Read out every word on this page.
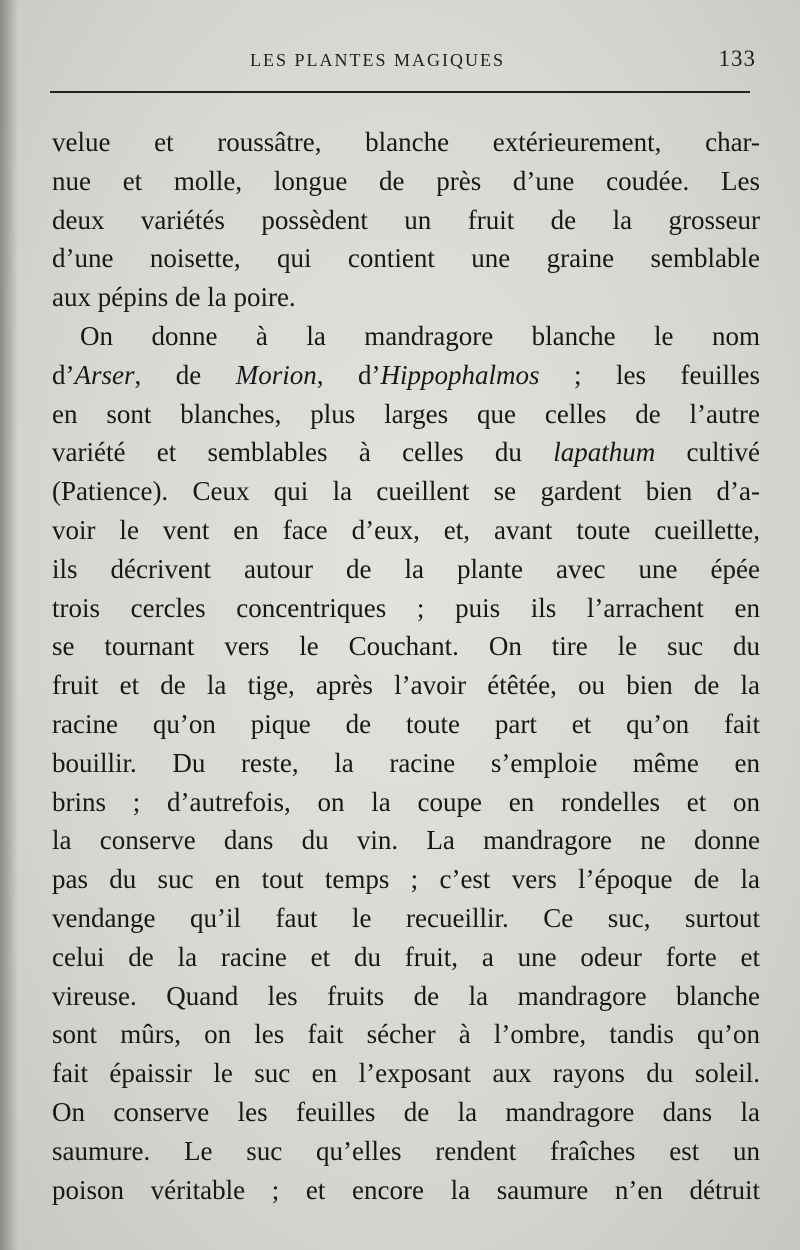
LES PLANTES MAGIQUES	133
velue et roussâtre, blanche extérieurement, char-
nue et molle, longue de près d’une coudée. Les
deux variétés possèdent un fruit de la grosseur
d’une noisette, qui contient une graine semblable
aux pépins de la poire.
On donne à la mandragore blanche le nom
d’Arser, de Morion, d’Hippophalmos ; les feuilles
en sont blanches, plus larges que celles de l’autre
variété et semblables à celles du lapathum cultivé
(Patience). Ceux qui la cueillent se gardent bien d’a-
voir le vent en face d’eux, et, avant toute cueillette,
ils décrivent autour de la plante avec une épée
trois cercles concentriques ; puis ils l’arrachent en
se tournant vers le Couchant. On tire le suc du
fruit et de la tige, après l’avoir étêtée, ou bien de la
racine qu’on pique de toute part et qu’on fait
bouillir. Du reste, la racine s’emploie même en
brins ; d’autrefois, on la coupe en rondelles et on
la conserve dans du vin. La mandragore ne donne
pas du suc en tout temps ; c’est vers l’époque de la
vendange qu’il faut le recueillir. Ce suc, surtout
celui de la racine et du fruit, a une odeur forte et
vireuse. Quand les fruits de la mandragore blanche
sont mûrs, on les fait sécher à l’ombre, tandis qu’on
fait épaissir le suc en l’exposant aux rayons du soleil.
On conserve les feuilles de la mandragore dans la
saumure. Le suc qu’elles rendent fraîches est un
poison véritable ; et encore la saumure n’en détruit
